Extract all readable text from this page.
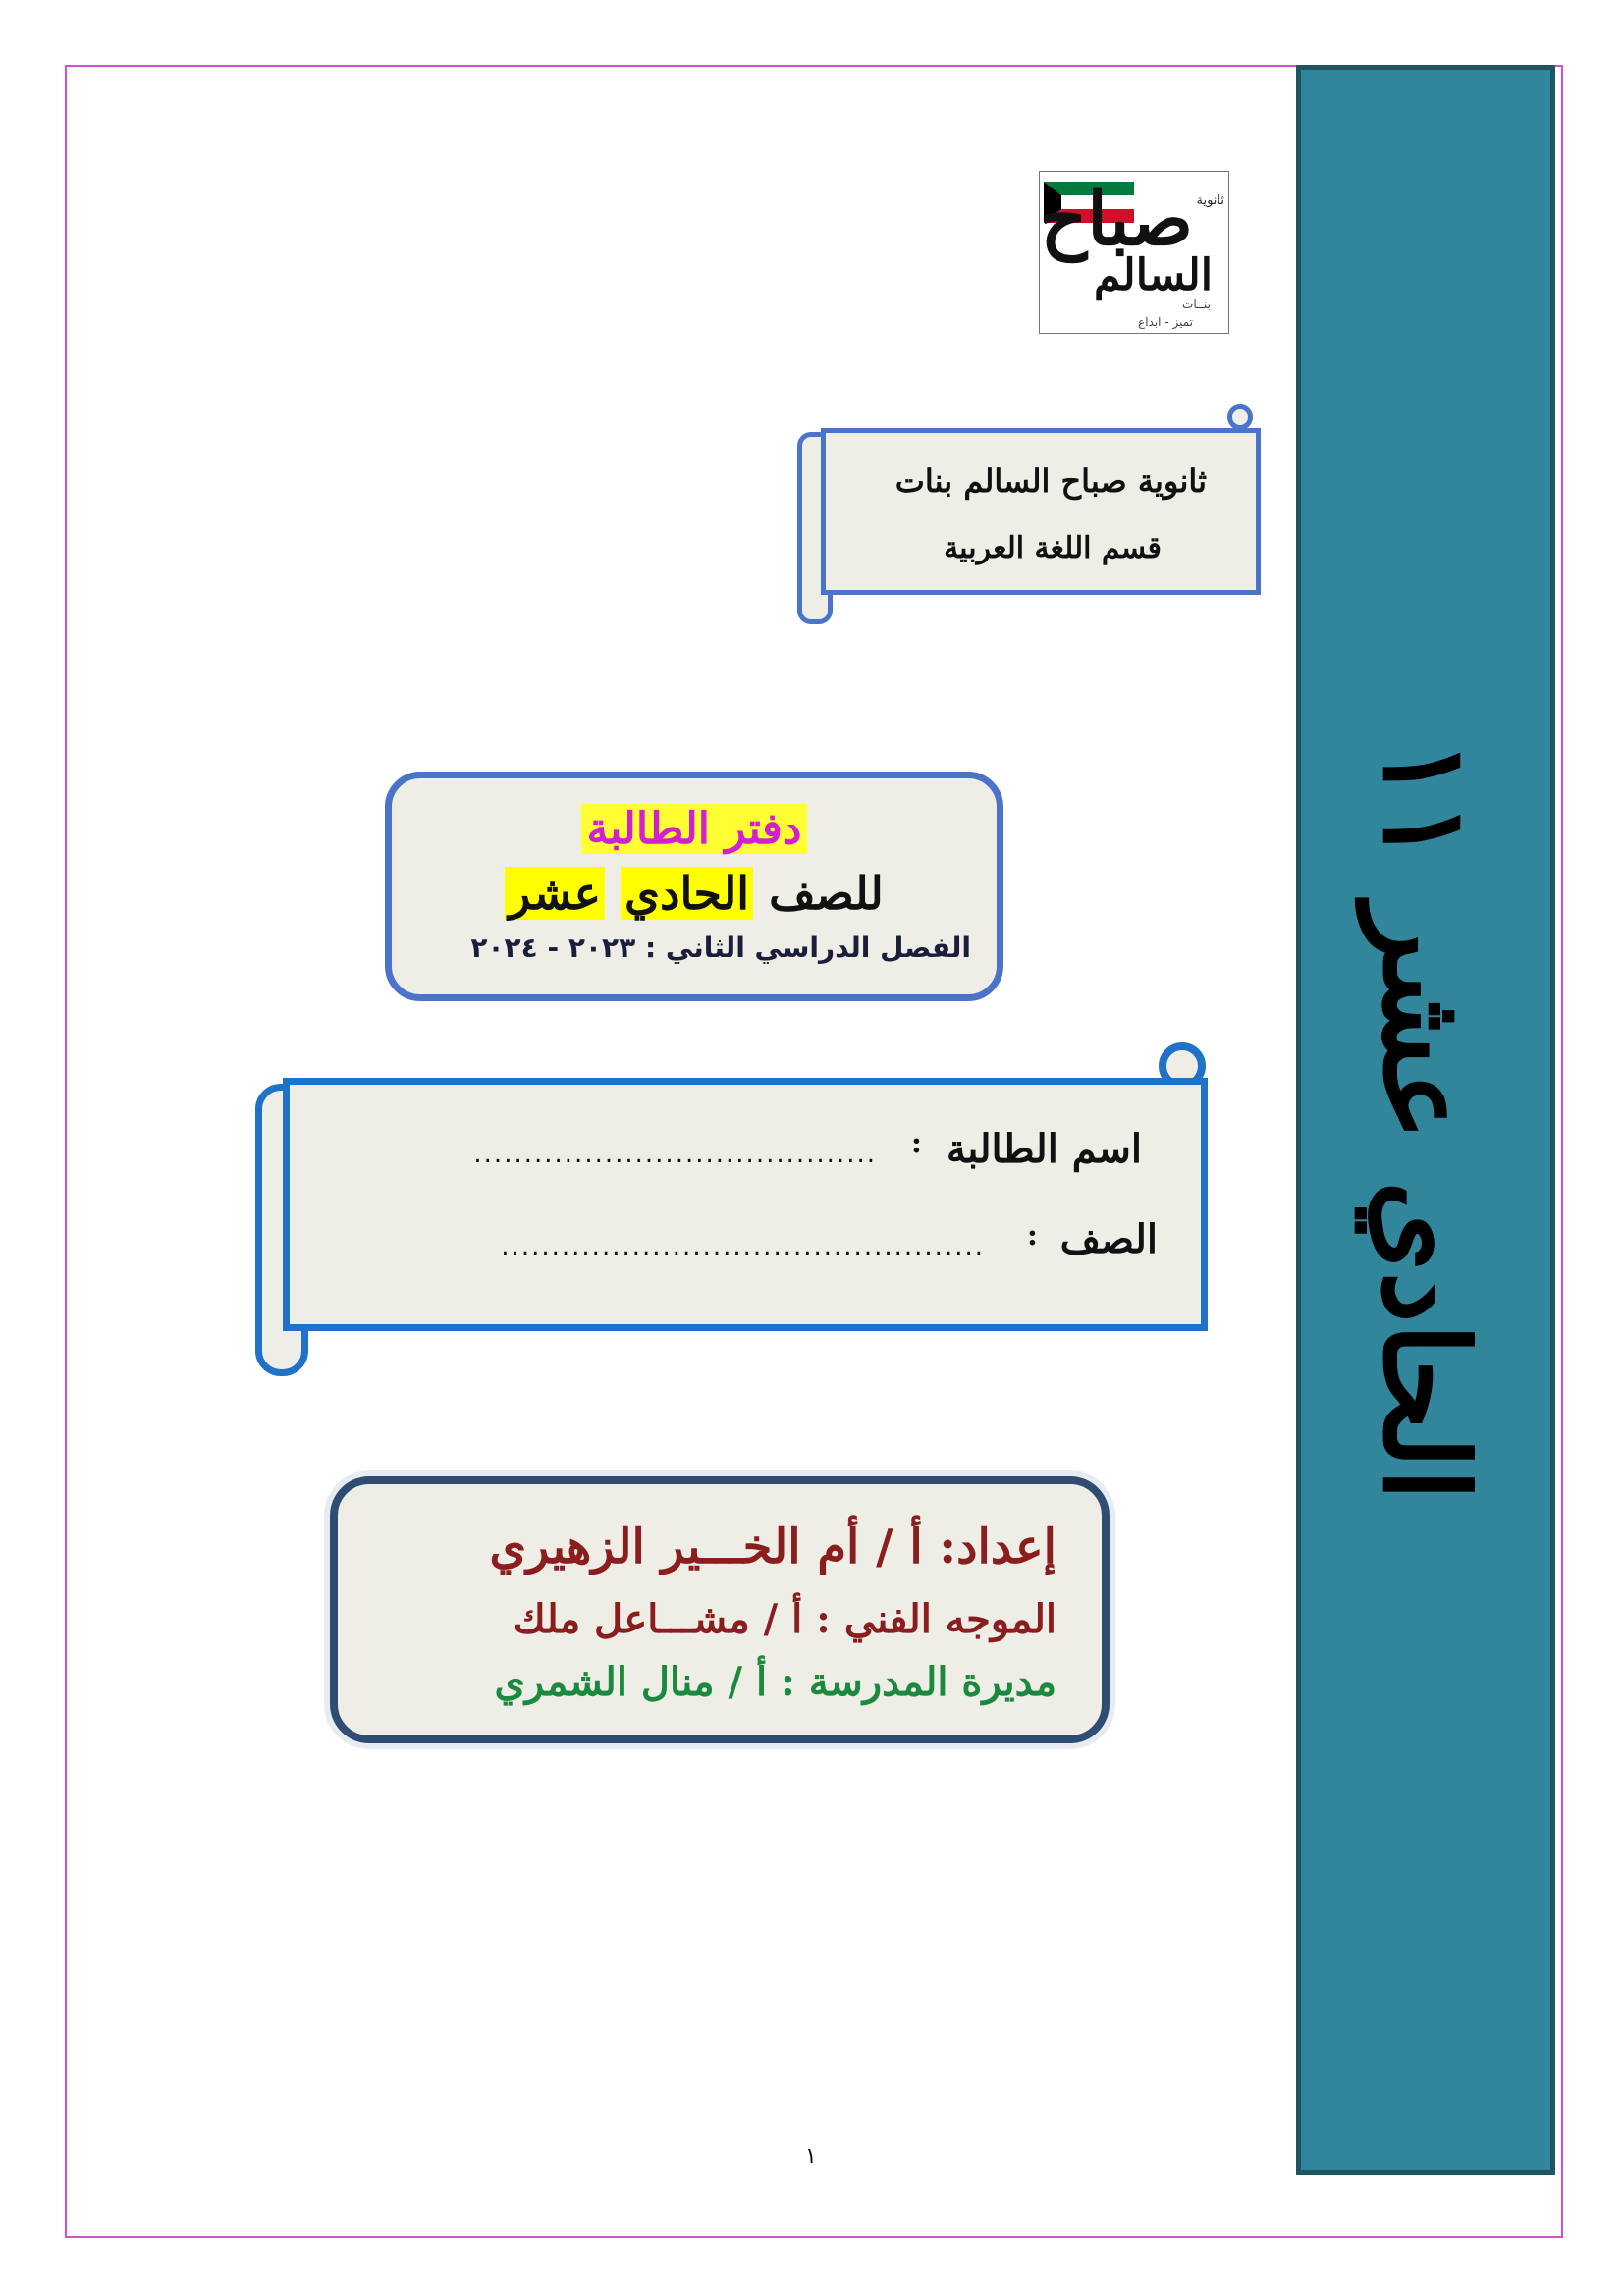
الحادي عشر ١١
ثانوية
صباح
السالم
بنــات
تميز - ابداع
ثانوية صباح السالم بنات
قسم اللغة العربية
دفتر الطالبة
للصف الحادي عشر
الفصل الدراسي الثاني : ٢٠٢٣ - ٢٠٢٤
اسم الطالبة
:
........................................
الصف
:
................................................
إعداد: أ / أم الخـــير الزهيري
الموجه الفني : أ / مشـــاعل ملك
مديرة المدرسة : أ / منال الشمري
١
